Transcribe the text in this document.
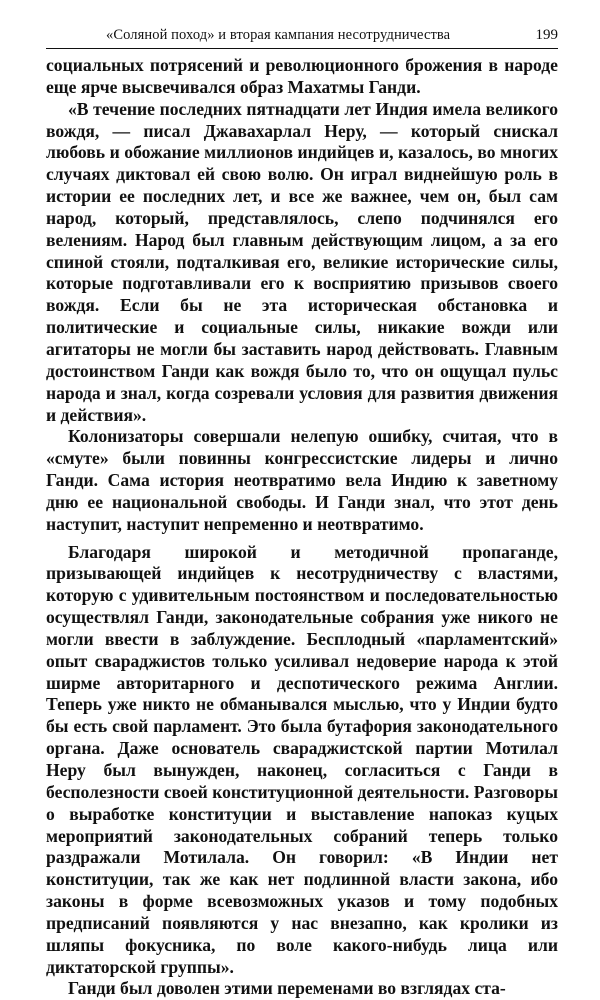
«Соляной поход» и вторая кампания несотрудничества	199

социальных потрясений и революционного брожения в народе еще ярче высвечивался образ Махатмы Ганди.

«В течение последних пятнадцати лет Индия имела великого вождя, — писал Джавахарлал Неру, — который снискал любовь и обожание миллионов индийцев и, казалось, во многих случаях диктовал ей свою волю. Он играл виднейшую роль в истории ее последних лет, и все же важнее, чем он, был сам народ, который, представлялось, слепо подчинялся его велениям. Народ был главным действующим лицом, а за его спиной стояли, подталкивая его, великие исторические силы, которые подготавливали его к восприятию призывов своего вождя. Если бы не эта историческая обстановка и политические и социальные силы, никакие вожди или агитаторы не могли бы заставить народ действовать. Главным достоинством Ганди как вождя было то, что он ощущал пульс народа и знал, когда созревали условия для развития движения и действия».

Колонизаторы совершали нелепую ошибку, считая, что в «смуте» были повинны конгрессистские лидеры и лично Ганди. Сама история неотвратимо вела Индию к заветному дню ее национальной свободы. И Ганди знал, что этот день наступит, наступит непременно и неотвратимо.

Благодаря широкой и методичной пропаганде, призывающей индийцев к несотрудничеству с властями, которую с удивительным постоянством и последовательностью осуществлял Ганди, законодательные собрания уже никого не могли ввести в заблуждение. Бесплодный «парламентский» опыт свараджистов только усиливал недоверие народа к этой ширме авторитарного и деспотического режима Англии. Теперь уже никто не обманывался мыслью, что у Индии будто бы есть свой парламент. Это была бутафория законодательного органа. Даже основатель свараджистской партии Мотилал Неру был вынужден, наконец, согласиться с Ганди в бесполезности своей конституционной деятельности. Разговоры о выработке конституции и выставление напоказ куцых мероприятий законодательных собраний теперь только раздражали Мотилала. Он говорил: «В Индии нет конституции, так же как нет подлинной власти закона, ибо законы в форме всевозможных указов и тому подобных предписаний появляются у нас внезапно, как кролики из шляпы фокусника, по воле какого-нибудь лица или диктаторской группы».

Ганди был доволен этими переменами во взглядах ста-
